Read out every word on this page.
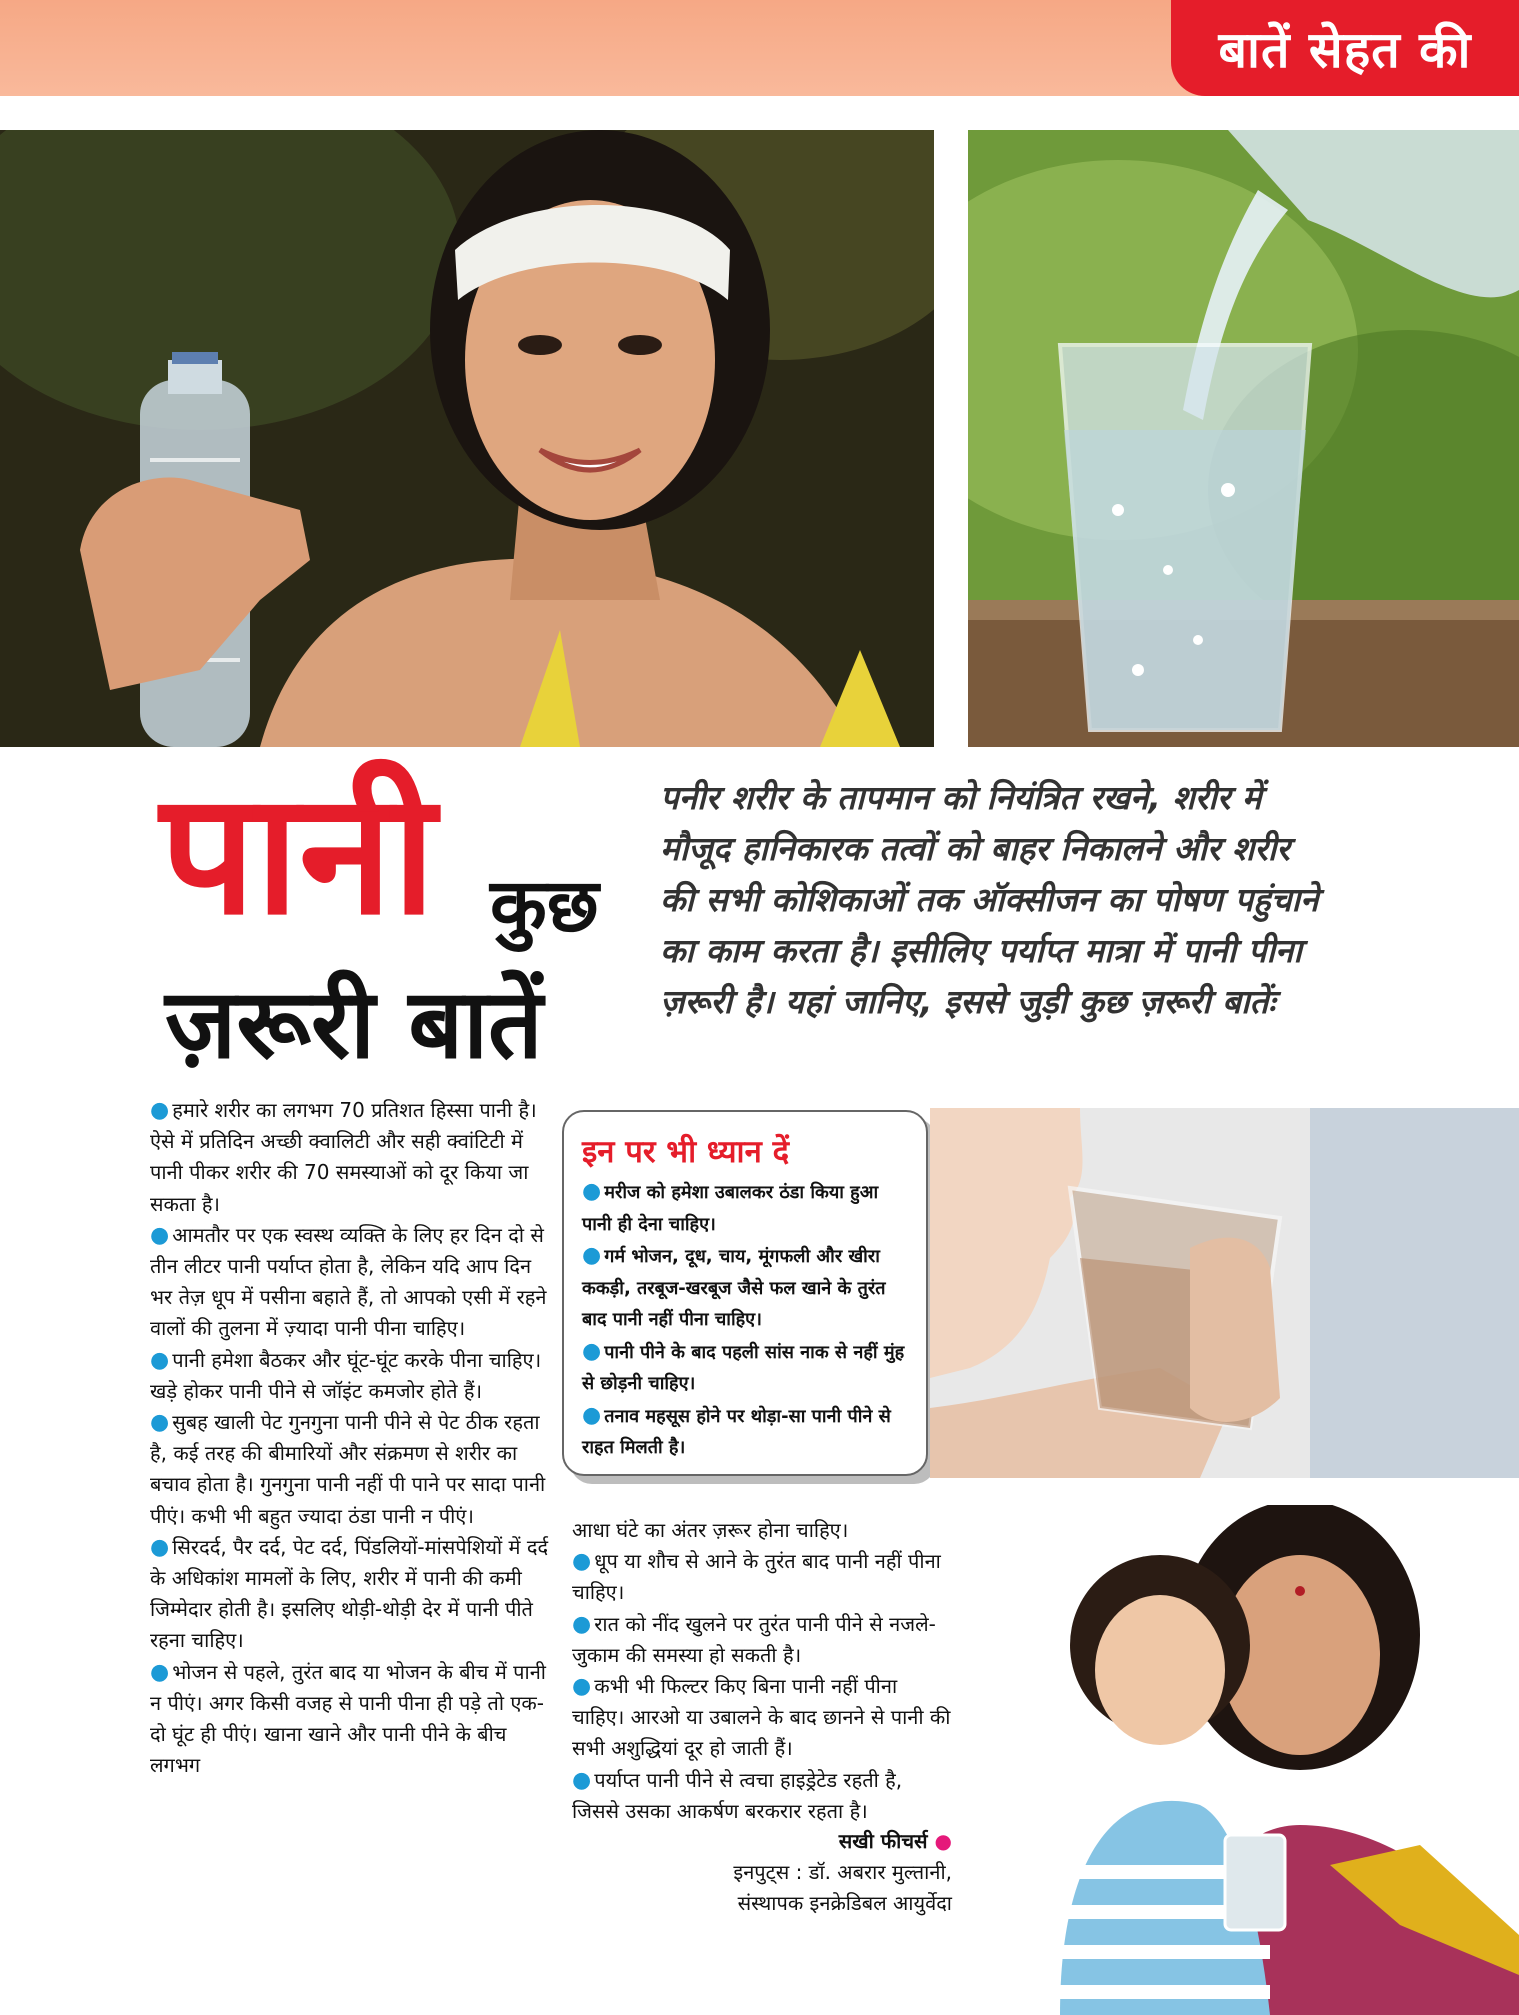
बातें सेहत की
पानी कुछ
ज़रूरी बातें
पनीर शरीर के तापमान को नियंत्रित रखने, शरीर में मौजूद हानिकारक तत्वों को बाहर निकालने और शरीर की सभी कोशिकाओं तक ऑक्सीजन का पोषण पहुंचाने का काम करता है। इसीलिए पर्याप्त मात्रा में पानी पीना ज़रूरी है। यहां जानिए, इससे जुड़ी कुछ ज़रूरी बातेंः

● हमारे शरीर का लगभग 70 प्रतिशत हिस्सा पानी है। ऐसे में प्रतिदिन अच्छी क्वालिटी और सही क्वांटिटी में पानी पीकर शरीर की 70 समस्याओं को दूर किया जा सकता है।

● आमतौर पर एक स्वस्थ व्यक्ति के लिए हर दिन दो से तीन लीटर पानी पर्याप्त होता है, लेकिन यदि आप दिन भर तेज़ धूप में पसीना बहाते हैं, तो आपको एसी में रहने वालों की तुलना में ज़्यादा पानी पीना चाहिए।

● पानी हमेशा बैठकर और घूंट-घूंट करके पीना चाहिए। खड़े होकर पानी पीने से जॉइंट कमजोर होते हैं।

● सुबह खाली पेट गुनगुना पानी पीने से पेट ठीक रहता है, कई तरह की बीमारियों और संक्रमण से शरीर का बचाव होता है। गुनगुना पानी नहीं पी पाने पर सादा पानी पीएं। कभी भी बहुत ज्यादा ठंडा पानी न पीएं।

● सिरदर्द, पैर दर्द, पेट दर्द, पिंडलियों-मांसपेशियों में दर्द के अधिकांश मामलों के लिए, शरीर में पानी की कमी जिम्मेदार होती है। इसलिए थोड़ी-थोड़ी देर में पानी पीते रहना चाहिए।

● भोजन से पहले, तुरंत बाद या भोजन के बीच में पानी न पीएं। अगर किसी वजह से पानी पीना ही पड़े तो एक-दो घूंट ही पीएं। खाना खाने और पानी पीने के बीच लगभग

इन पर भी ध्यान दें

● मरीज को हमेशा उबालकर ठंडा किया हुआ पानी ही देना चाहिए।

● गर्म भोजन, दूध, चाय, मूंगफली और खीरा ककड़ी, तरबूज-खरबूज जैसे फल खाने के तुरंत बाद पानी नहीं पीना चाहिए।

● पानी पीने के बाद पहली सांस नाक से नहीं मुंह से छोड़नी चाहिए।

● तनाव महसूस होने पर थोड़ा-सा पानी पीने से राहत मिलती है।

आधा घंटे का अंतर ज़रूर होना चाहिए।

● धूप या शौच से आने के तुरंत बाद पानी नहीं पीना चाहिए।

● रात को नींद खुलने पर तुरंत पानी पीने से नजले-जुकाम की समस्या हो सकती है।

● कभी भी फिल्टर किए बिना पानी नहीं पीना चाहिए। आरओ या उबालने के बाद छानने से पानी की सभी अशुद्धियां दूर हो जाती हैं।

● पर्याप्त पानी पीने से त्वचा हाइड्रेटेड रहती है, जिससे उसका आकर्षण बरकरार रहता है।

सखी फीचर्स ●
इनपुट्स : डॉ. अबरार मुल्तानी,
संस्थापक इनक्रेडिबल आयुर्वेदा
